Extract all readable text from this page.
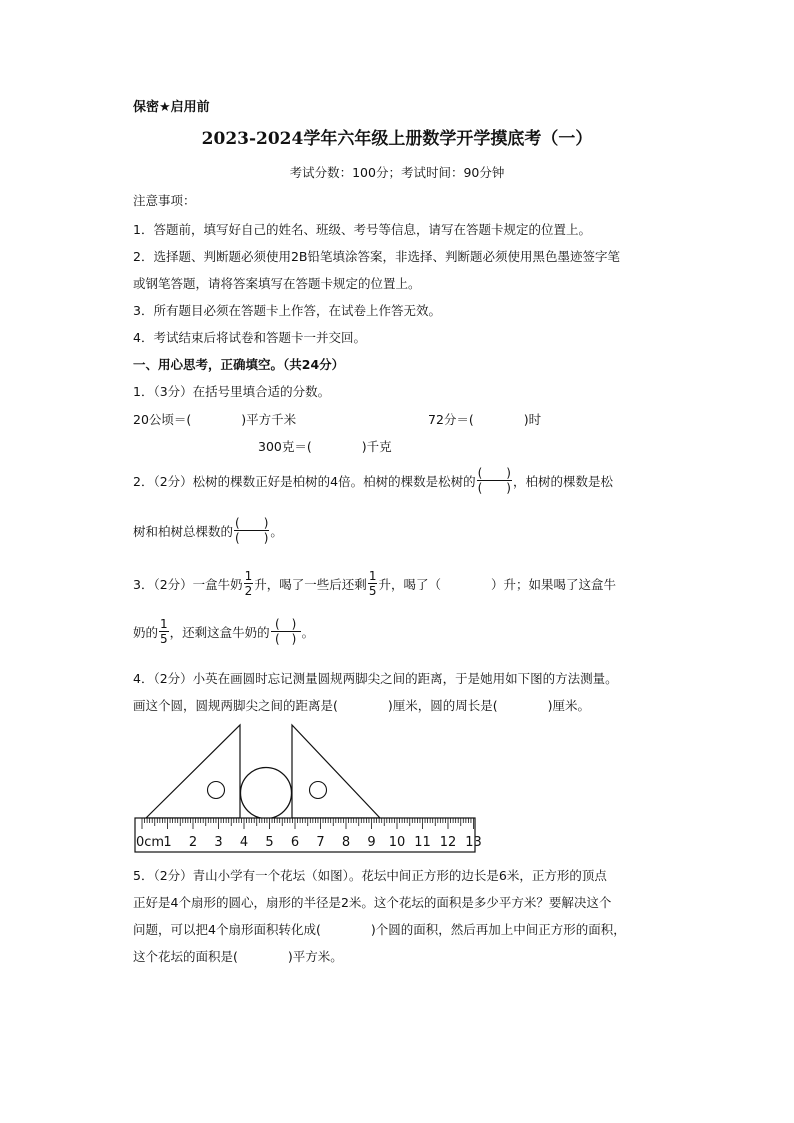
保密★启用前
2023-2024学年六年级上册数学开学摸底考（一）
考试分数：100分；考试时间：90分钟
注意事项：
1．答题前，填写好自己的姓名、班级、考号等信息，请写在答题卡规定的位置上。
2．选择题、判断题必须使用2B铅笔填涂答案，非选择、判断题必须使用黑色墨迹签字笔
或钢笔答题，请将答案填写在答题卡规定的位置上。
3．所有题目必须在答题卡上作答，在试卷上作答无效。
4．考试结束后将试卷和答题卡一并交回。
一、用心思考，正确填空。（共24分）
1．（3分）在括号里填合适的分数。
20公顷＝(　　　　)平方千米	72分＝(　　　　)时
300克＝(　　　　)千克
2．（2分）松树的棵数正好是柏树的4倍。柏树的棵数是松树的 $\frac{( )}{( )}$ ，柏树的棵数是松
树和柏树总棵数的 $\frac{( )}{( )}$ 。
3．（2分）一盒牛奶 $\frac{1}{2}$ 升，喝了一些后还剩 $\frac{1}{5}$ 升，喝了（　　　　）升；如果喝了这盒牛
奶的 $\frac{1}{5}$ ，还剩这盒牛奶的 $\frac{( )}{( )}$ 。
4．（2分）小英在画圆时忘记测量圆规两脚尖之间的距离，于是她用如下图的方法测量。
画这个圆，圆规两脚尖之间的距离是(　　　　)厘米，圆的周长是(　　　　)厘米。
0cm 1 2 3 4 5 6 7 8 9 10 11 12 13
5．（2分）青山小学有一个花坛（如图）。花坛中间正方形的边长是6米，正方形的顶点
正好是4个扇形的圆心，扇形的半径是2米。这个花坛的面积是多少平方米？要解决这个
问题，可以把4个扇形面积转化成(　　　　)个圆的面积，然后再加上中间正方形的面积，
这个花坛的面积是(　　　　)平方米。
